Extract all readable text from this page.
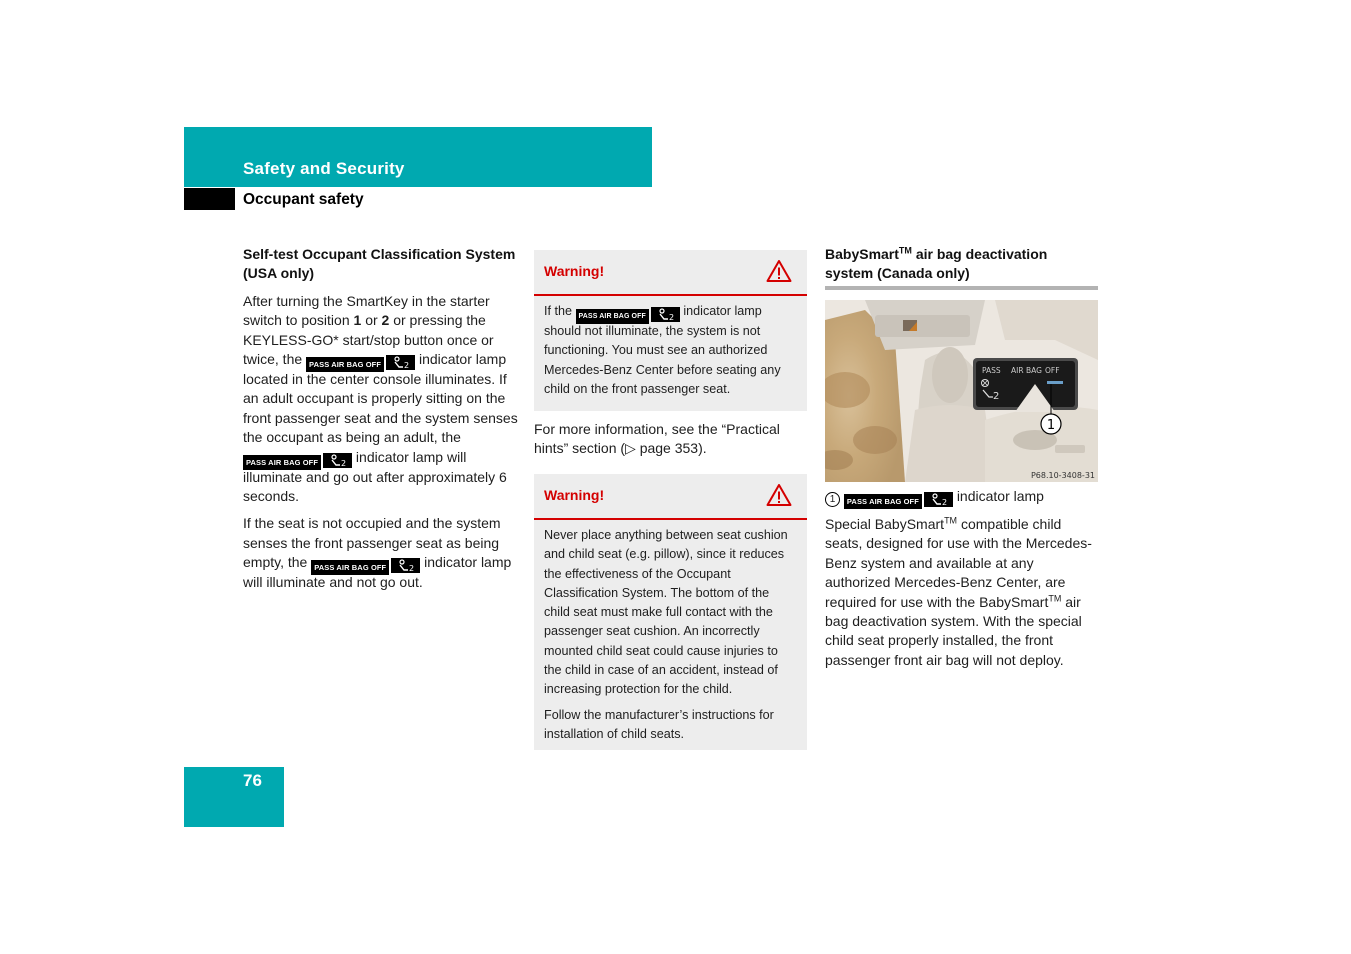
Safety and Security
Occupant safety
Self-test Occupant Classification System (USA only)

After turning the SmartKey in the starter switch to position 1 or 2 or pressing the KEYLESS-GO* start/stop button once or twice, the PASS AIR BAG OFF	2 indicator lamp located in the center console illuminates. If an adult occupant is properly sitting on the front passenger seat and the system senses the occupant as being an adult, the PASS AIR BAG OFF	2 indicator lamp will illuminate and go out after approximately 6 seconds.

If the seat is not occupied and the system senses the front passenger seat as being empty, the PASS AIR BAG OFF	2 indicator lamp will illuminate and not go out.

Warning!

If the PASS AIR BAG OFF	2 indicator lamp should not illuminate, the system is not functioning. You must see an authorized Mercedes-Benz Center before seating any child on the front passenger seat.

For more information, see the “Practical hints” section (▷ page 353).

Warning!

Never place anything between seat cushion and child seat (e.g. pillow), since it reduces the effectiveness of the Occupant Classification System. The bottom of the child seat must make full contact with the passenger seat cushion. An incorrectly mounted child seat could cause injuries to the child in case of an accident, instead of increasing protection for the child.

Follow the manufacturer’s instructions for installation of child seats.

BabySmart™ air bag deactivation system (Canada only)
1
2
PASS AIR BAG OFF
P68.10-3408-31

1 PASS AIR BAG OFF	2 indicator lamp

Special BabySmart™ compatible child seats, designed for use with the Mercedes-Benz system and available at any authorized Mercedes-Benz Center, are required for use with the BabySmart™ air bag deactivation system. With the special child seat properly installed, the front passenger front air bag will not deploy.

76
